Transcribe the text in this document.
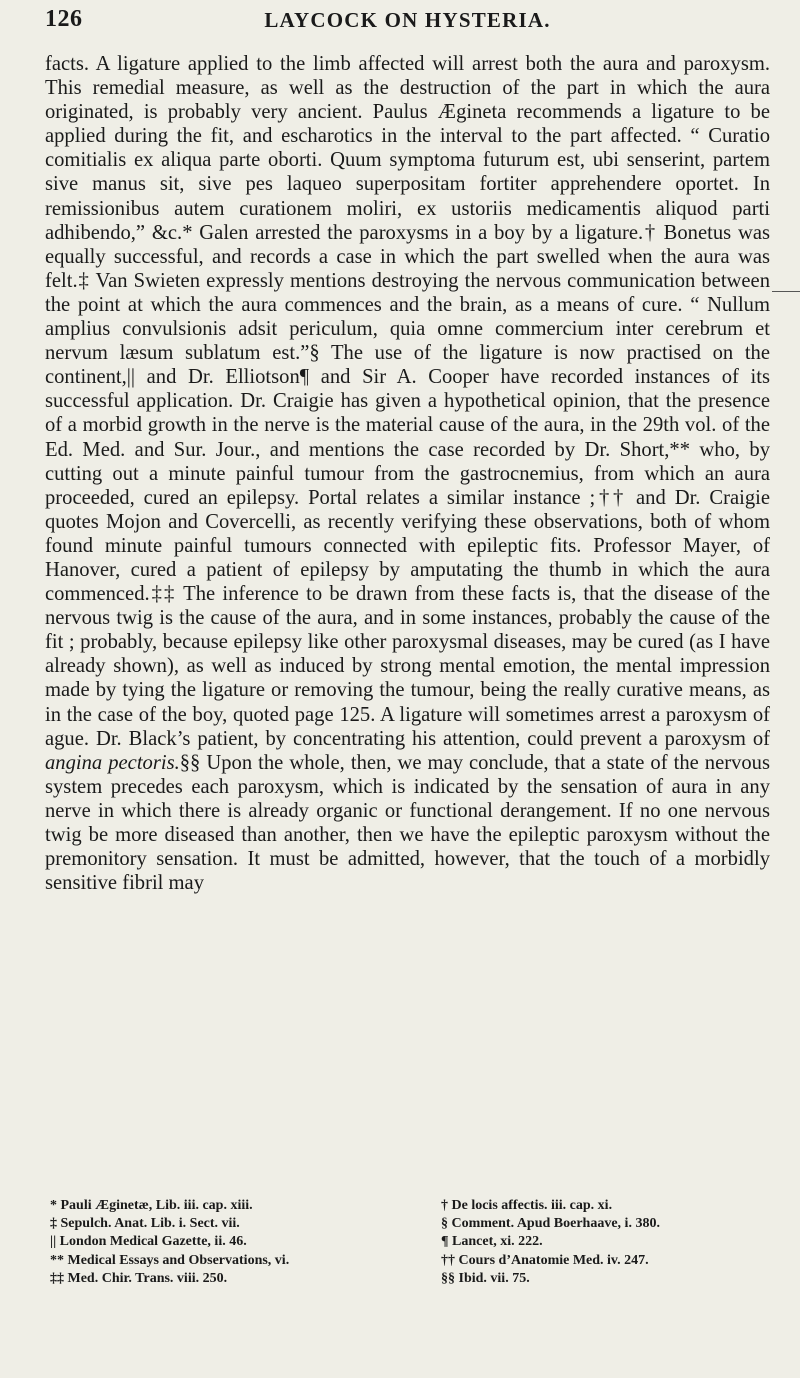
126	LAYCOCK ON HYSTERIA.

facts. A ligature applied to the limb affected will arrest both the aura and paroxysm. This remedial measure, as well as the destruction of the part in which the aura originated, is probably very ancient. Paulus Æginetа recommends a ligature to be applied during the fit, and escharotics in the interval to the part affected. “ Curatio comitialis ex aliqua parte oborti. Quum symptoma futurum est, ubi senserint, partem sive manus sit, sive pes laqueo superpositam fortiter apprehendere oportet. In remissionibus autem curationem moliri, ex ustoriis medicamentis aliquod parti adhibendo,” &c.* Galen arrested the paroxysms in a boy by a ligature.† Bonetus was equally successful, and records a case in which the part swelled when the aura was felt.‡ Van Swieten expressly mentions destroying the nervous communication between the point at which the aura commences and the brain, as a means of cure. “ Nullum amplius convulsionis adsit periculum, quia omne commercium inter cerebrum et nervum læsum sublatum est.”§ The use of the ligature is now practised on the continent,|| and Dr. Elliotson¶ and Sir A. Cooper have recorded instances of its successful application. Dr. Craigie has given a hypothetical opinion, that the presence of a morbid growth in the nerve is the material cause of the aura, in the 29th vol. of the Ed. Med. and Sur. Jour., and mentions the case recorded by Dr. Short,** who, by cutting out a minute painful tumour from the gastrocnemius, from which an aura proceeded, cured an epilepsy. Portal relates a similar instance ;†† and Dr. Craigie quotes Mojon and Covercelli, as recently verifying these observations, both of whom found minute painful tumours connected with epileptic fits. Professor Mayer, of Hanover, cured a patient of epilepsy by amputating the thumb in which the aura commenced.‡‡ The inference to be drawn from these facts is, that the disease of the nervous twig is the cause of the aura, and in some instances, probably the cause of the fit ; probably, because epilepsy like other paroxysmal diseases, may be cured (as I have already shown), as well as induced by strong mental emotion, the mental impression made by tying the ligature or removing the tumour, being the really curative means, as in the case of the boy, quoted page 125. A ligature will sometimes arrest a paroxysm of ague. Dr. Black’s patient, by concentrating his attention, could prevent a paroxysm of angina pectoris.§§ Upon the whole, then, we may conclude, that a state of the nervous system precedes each paroxysm, which is indicated by the sensation of aura in any nerve in which there is already organic or functional derangement. If no one nervous twig be more diseased than another, then we have the epileptic paroxysm without the premonitory sensation. It must be admitted, however, that the touch of a morbidly sensitive fibril may

* Pauli Æginetæ, Lib. iii. cap. xiii.	† De locis affectis. iii. cap. xi.
‡ Sepulch. Anat. Lib. i. Sect. vii.	§ Comment. Apud Boerhaave, i. 380.
|| London Medical Gazette, ii. 46.	¶ Lancet, xi. 222.
** Medical Essays and Observations, vi.	†† Cours d’Anatomie Med. iv. 247.
‡‡ Med. Chir. Trans. viii. 250.	§§ Ibid. vii. 75.
